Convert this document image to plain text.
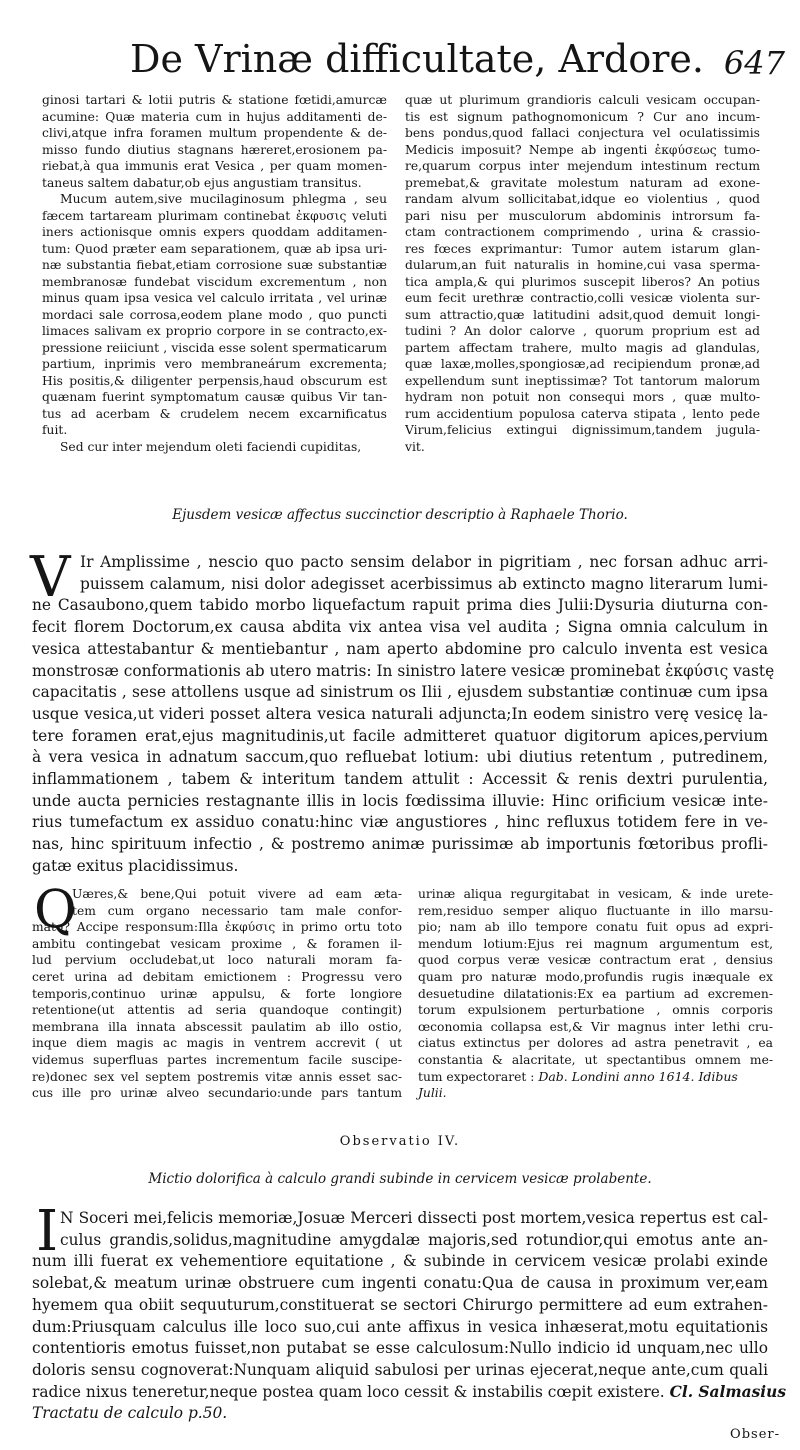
De Vrinæ difficultate, Ardore. 647
ginosi tartari & lotii putris & statione fœtidi,amurcæ
acumine: Quæ materia cum in hujus additamenti de-
clivi,atque infra foramen multum propendente & de-
misso fundo diutius stagnans hæreret,erosionem pa-
riebat,à qua immunis erat Vesica , per quam momen-
taneus saltem dabatur,ob ejus angustiam transitus.
Mucum autem,sive mucilaginosum phlegma , seu
fæcem tartaream plurimam continebat ἐκφυσις veluti
iners actionisque omnis expers quoddam additamen-
tum: Quod præter eam separationem, quæ ab ipsa uri-
næ substantia fiebat,etiam corrosione suæ substantiæ
membranosæ fundebat viscidum excrementum , non
minus quam ipsa vesica vel calculo irritata , vel urinæ
mordaci sale corrosa,eodem plane modo , quo puncti
limaces salivam ex proprio corpore in se contracto,ex-
pressione reiiciunt , viscida esse solent spermaticarum
partium, inprimis vero membraneárum excrementa;
His positis,& diligenter perpensis,haud obscurum est
quænam fuerint symptomatum causæ quibus Vir tan-
tus ad acerbam & crudelem necem excarnificatus
fuit.
Sed cur inter mejendum oleti faciendi cupiditas,
quæ ut plurimum grandioris calculi vesicam occupan-
tis est signum pathognomonicum ? Cur ano incum-
bens pondus,quod fallaci conjectura vel oculatissimis
Medicis imposuit? Nempe ab ingenti ἐκφύσεως tumo-
re,quarum corpus inter mejendum intestinum rectum
premebat,& gravitate molestum naturam ad exone-
randam alvum sollicitabat,idque eo violentius , quod
pari nisu per musculorum abdominis introrsum fa-
ctam contractionem comprimendo , urina & crassio-
res fœces exprimantur: Tumor autem istarum glan-
dularum,an fuit naturalis in homine,cui vasa sperma-
tica ampla,& qui plurimos suscepit liberos? An potius
eum fecit urethræ contractio,colli vesicæ violenta sur-
sum attractio,quæ latitudini adsit,quod demuit longi-
tudini ? An dolor calorve , quorum proprium est ad
partem affectam trahere, multo magis ad glandulas,
quæ laxæ,molles,spongiosæ,ad recipiendum pronæ,ad
expellendum sunt ineptissimæ? Tot tantorum malorum
hydram non potuit non consequi mors , quæ multo-
rum accidentium populosa caterva stipata , lento pede
Virum,felicius extingui dignissimum,tandem jugula-
vit.
Ejusdem vesicæ affectus succinctior descriptio à Raphaele Thorio.
V Ir Amplissime , nescio quo pacto sensim delabor in pigritiam , nec forsan adhuc arri-
puissem calamum, nisi dolor adegisset acerbissimus ab extincto magno literarum lumi-
ne Casaubono,quem tabido morbo liquefactum rapuit prima dies Julii:Dysuria diuturna con-
fecit florem Doctorum,ex causa abdita vix antea visa vel audita ; Signa omnia calculum in
vesica attestabantur & mentiebantur , nam aperto abdomine pro calculo inventa est vesica
monstrosæ conformationis ab utero matris: In sinistro latere vesicæ prominebat ἐκφύσις vastę
capacitatis , sese attollens usque ad sinistrum os Ilii , ejusdem substantiæ continuæ cum ipsa
usque vesica,ut videri posset altera vesica naturali adjuncta;In eodem sinistro verę vesicę la-
tere foramen erat,ejus magnitudinis,ut facile admitteret quatuor digitorum apices,pervium
à vera vesica in adnatum saccum,quo refluebat lotium: ubi diutius retentum , putredinem,
inflammationem , tabem & interitum tandem attulit : Accessit & renis dextri purulentia,
unde aucta pernicies restagnante illis in locis fœdissima illuvie: Hinc orificium vesicæ inte-
rius tumefactum ex assiduo conatu:hinc viæ angustiores , hinc refluxus totidem fere in ve-
nas, hinc spirituum infectio , & postremo animæ purissimæ ab importunis fœtoribus profli-
gatæ exitus placidissimus.
Q
Uæres,& bene,Qui potuit vivere ad eam æta-
tem cum organo necessario tam male confor-
mato? Accipe responsum:Illa ἐκφύσις in primo ortu toto
ambitu contingebat vesicam proxime , & foramen il-
lud pervium occludebat,ut loco naturali moram fa-
ceret urina ad debitam emictionem : Progressu vero
temporis,continuo urinæ appulsu, & forte longiore
retentione(ut attentis ad seria quandoque contingit)
membrana illa innata abscessit paulatim ab illo ostio,
inque diem magis ac magis in ventrem accrevit ( ut
videmus superfluas partes incrementum facile suscipe-
re)donec sex vel septem postremis vitæ annis esset sac-
cus ille pro urinæ alveo secundario:unde pars tantum
urinæ aliqua regurgitabat in vesicam, & inde urete-
rem,residuo semper aliquo fluctuante in illo marsu-
pio; nam ab illo tempore conatu fuit opus ad expri-
mendum lotium:Ejus rei magnum argumentum est,
quod corpus veræ vesicæ contractum erat , densius
quam pro naturæ modo,profundis rugis inæquale ex
desuetudine dilatationis:Ex ea partium ad excremen-
torum expulsionem perturbatione , omnis corporis
œconomia collapsa est,& Vir magnus inter lethi cru-
ciatus extinctus per dolores ad astra penetravit , ea
constantia & alacritate, ut spectantibus omnem me-
tum expectoraret : Dab. Londini anno 1614. Idibus
Julii.
Observatio IV.
Mictio dolorifica à calculo grandi subinde in cervicem vesicæ prolabente.
I N Soceri mei,felicis memoriæ,Josuæ Merceri dissecti post mortem,vesica repertus est cal-
culus grandis,solidus,magnitudine amygdalæ majoris,sed rotundior,qui emotus ante an-
num illi fuerat ex vehementiore equitatione , & subinde in cervicem vesicæ prolabi exinde
solebat,& meatum urinæ obstruere cum ingenti conatu:Qua de causa in proximum ver,eam
hyemem qua obiit sequuturum,constituerat se sectori Chirurgo permittere ad eum extrahen-
dum:Priusquam calculus ille loco suo,cui ante affixus in vesica inhæserat,motu equitationis
contentioris emotus fuisset,non putabat se esse calculosum:Nullo indicio id unquam,nec ullo
doloris sensu cognoverat:Nunquam aliquid sabulosi per urinas ejecerat,neque ante,cum quali
radice nixus teneretur,neque postea quam loco cessit & instabilis cœpit existere. Cl. Salmasius
Tractatu de calculo p.50.
Obser-
